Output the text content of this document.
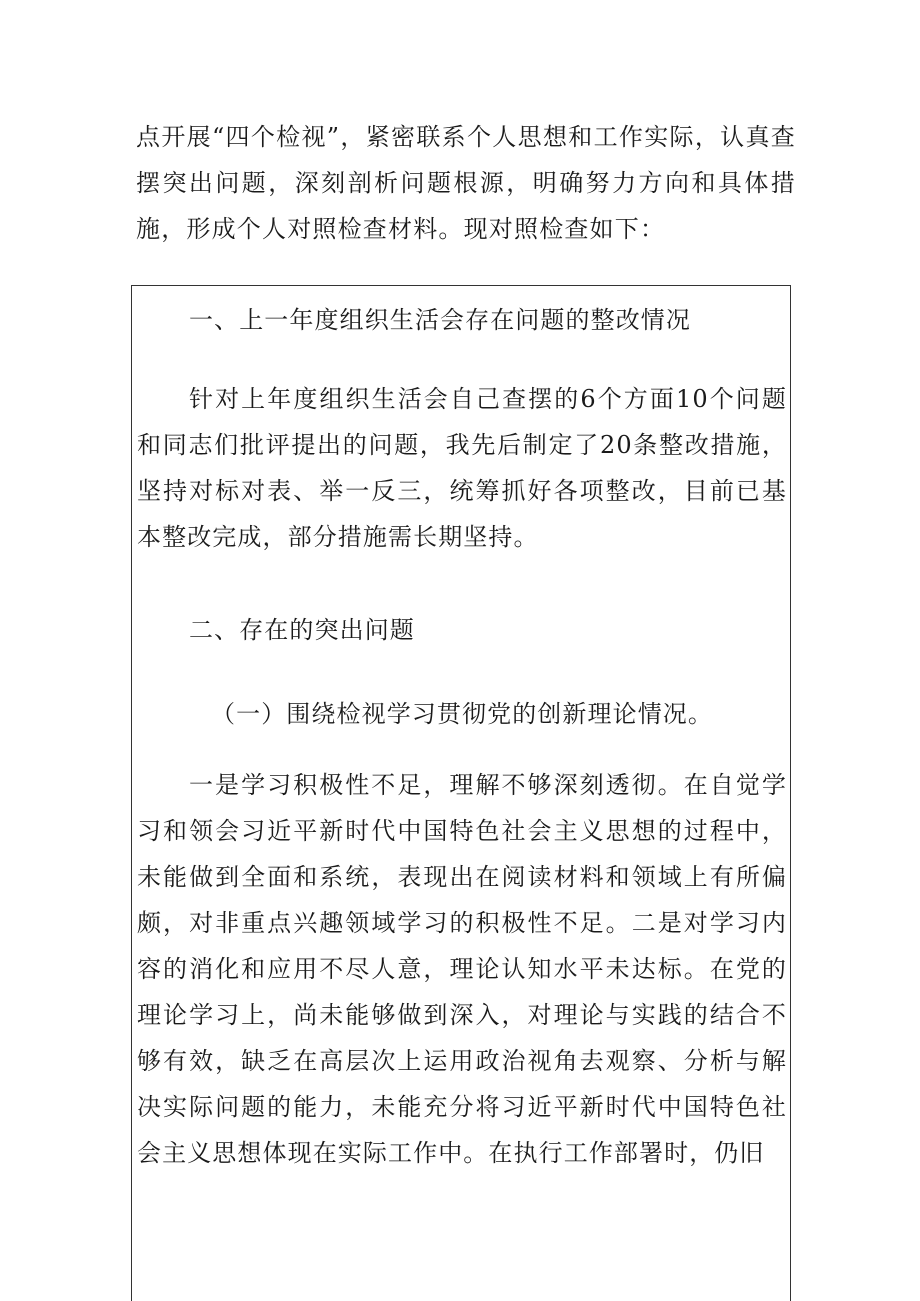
点开展“四个检视”，紧密联系个人思想和工作实际，认真查摆突出问题，深刻剖析问题根源，明确努力方向和具体措施，形成个人对照检查材料。现对照检查如下：

一、上一年度组织生活会存在问题的整改情况

针对上年度组织生活会自己查摆的6个方面10个问题和同志们批评提出的问题，我先后制定了20条整改措施，坚持对标对表、举一反三，统筹抓好各项整改，目前已基本整改完成，部分措施需长期坚持。

二、存在的突出问题

（一）围绕检视学习贯彻党的创新理论情况。

一是学习积极性不足，理解不够深刻透彻。在自觉学习和领会习近平新时代中国特色社会主义思想的过程中，未能做到全面和系统，表现出在阅读材料和领域上有所偏颇，对非重点兴趣领域学习的积极性不足。二是对学习内容的消化和应用不尽人意，理论认知水平未达标。在党的理论学习上，尚未能够做到深入，对理论与实践的结合不够有效，缺乏在高层次上运用政治视角去观察、分析与解决实际问题的能力，未能充分将习近平新时代中国特色社会主义思想体现在实际工作中。在执行工作部署时，仍旧
